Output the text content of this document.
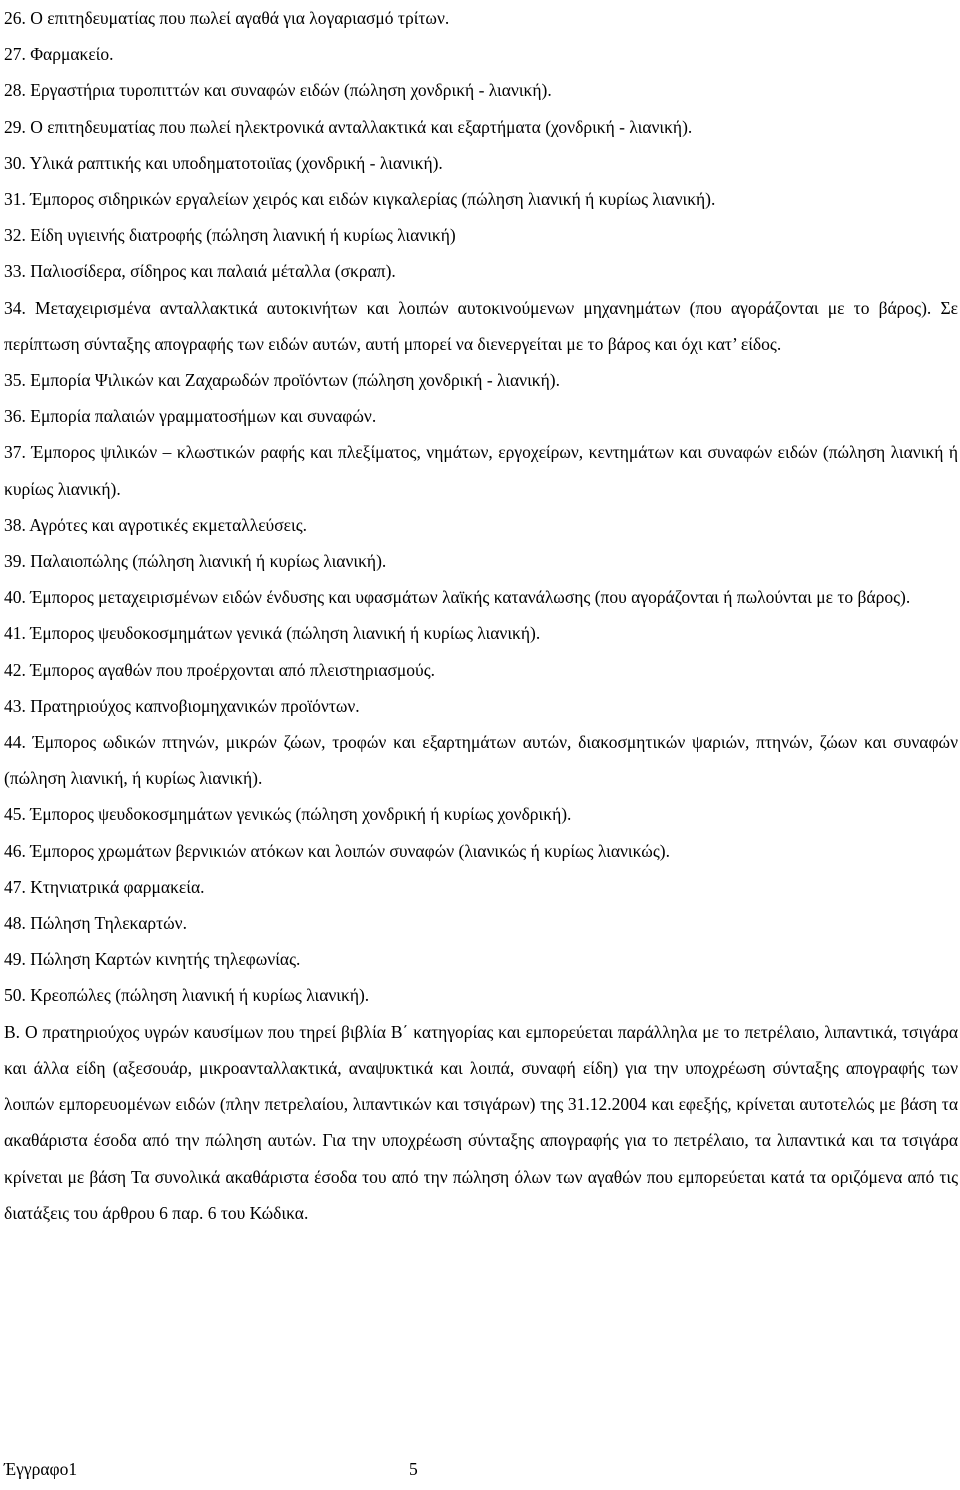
26. Ο επιτηδευματίας που πωλεί αγαθά για λογαριασμό τρίτων.

27. Φαρμακείο.

28. Εργαστήρια τυροπιττών και συναφών ειδών (πώληση χονδρική - λιανική).

29. Ο επιτηδευματίας που πωλεί ηλεκτρονικά ανταλλακτικά και εξαρτήματα (χονδρική - λιανική).

30. Υλικά ραπτικής και υποδηματοτοιϊας (χονδρική - λιανική).

31. Έμπορος σιδηρικών εργαλείων χειρός και ειδών κιγκαλερίας (πώληση λιανική ή κυρίως λιανική).

32. Είδη υγιεινής διατροφής (πώληση λιανική ή κυρίως λιανική)

33. Παλιοσίδερα, σίδηρος και παλαιά μέταλλα (σκραπ).

34. Μεταχειρισμένα ανταλλακτικά αυτοκινήτων και λοιπών αυτοκινούμενων μηχανημάτων (που αγοράζονται με το βάρος). Σε περίπτωση σύνταξης απογραφής των ειδών αυτών, αυτή μπορεί να διενεργείται με το βάρος και όχι κατ’ είδος.

35. Εμπορία Ψιλικών και Ζαχαρωδών προϊόντων (πώληση χονδρική - λιανική).

36. Εμπορία παλαιών γραμματοσήμων και συναφών.

37. Έμπορος ψιλικών – κλωστικών ραφής και πλεξίματος, νημάτων, εργοχείρων, κεντημάτων και συναφών ειδών (πώληση λιανική ή κυρίως λιανική).

38. Αγρότες και αγροτικές εκμεταλλεύσεις.

39. Παλαιοπώλης (πώληση λιανική ή κυρίως λιανική).

40. Έμπορος μεταχειρισμένων ειδών ένδυσης και υφασμάτων λαϊκής κατανάλωσης (που αγοράζονται ή πωλούνται με το βάρος).

41. Έμπορος ψευδοκοσμημάτων γενικά (πώληση λιανική ή κυρίως λιανική).

42. Έμπορος αγαθών που προέρχονται από πλειστηριασμούς.

43. Πρατηριούχος καπνοβιομηχανικών προϊόντων.

44. Έμπορος ωδικών πτηνών, μικρών ζώων, τροφών και εξαρτημάτων αυτών, διακοσμητικών ψαριών, πτηνών, ζώων και συναφών (πώληση λιανική, ή κυρίως λιανική).

45. Έμπορος ψευδοκοσμημάτων γενικώς (πώληση χονδρική ή κυρίως χονδρική).

46. Έμπορος χρωμάτων βερνικιών ατόκων και λοιπών συναφών (λιανικώς ή κυρίως λιανικώς).

47. Κτηνιατρικά φαρμακεία.

48. Πώληση Τηλεκαρτών.

49. Πώληση Καρτών κινητής τηλεφωνίας.

50. Κρεοπώλες (πώληση λιανική ή κυρίως λιανική).

Β. Ο πρατηριούχος υγρών καυσίμων που τηρεί βιβλία Β΄ κατηγορίας και εμπορεύεται παράλληλα με το πετρέλαιο, λιπαντικά, τσιγάρα και άλλα είδη (αξεσουάρ, μικροανταλλακτικά, αναψυκτικά και λοιπά, συναφή είδη) για την υποχρέωση σύνταξης απογραφής των λοιπών εμπορευομένων ειδών (πλην πετρελαίου, λιπαντικών και τσιγάρων) της 31.12.2004 και εφεξής, κρίνεται αυτοτελώς με βάση τα ακαθάριστα έσοδα από την πώληση αυτών. Για την υποχρέωση σύνταξης απογραφής για το πετρέλαιο, τα λιπαντικά και τα τσιγάρα κρίνεται με βάση Τα συνολικά ακαθάριστα έσοδα του από την πώληση όλων των αγαθών που εμπορεύεται κατά τα οριζόμενα από τις διατάξεις του άρθρου 6 παρ. 6 του Κώδικα.

Έγγραφο1	5
